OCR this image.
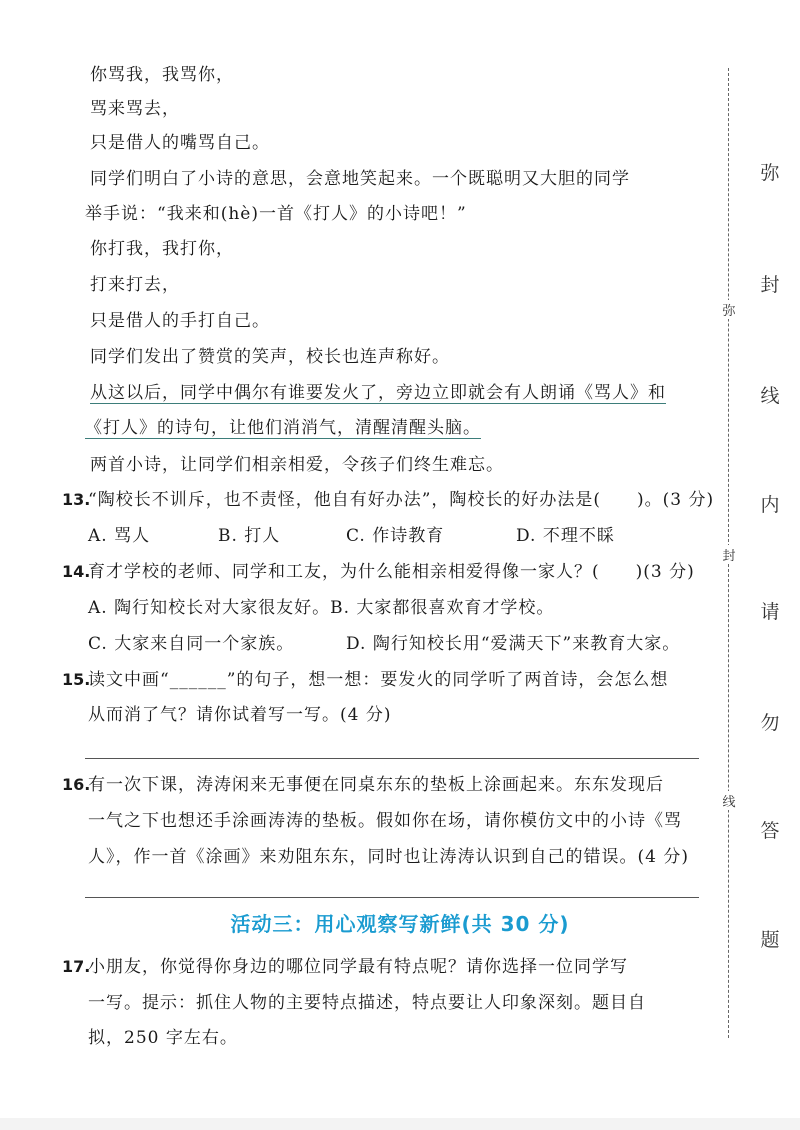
你骂我，我骂你，
骂来骂去，
只是借人的嘴骂自己。
同学们明白了小诗的意思，会意地笑起来。一个既聪明又大胆的同学
举手说：“我来和(hè)一首《打人》的小诗吧！”
你打我，我打你，
打来打去，
只是借人的手打自己。
同学们发出了赞赏的笑声，校长也连声称好。
从这以后，同学中偶尔有谁要发火了，旁边立即就会有人朗诵《骂人》和
《打人》的诗句，让他们消消气，清醒清醒头脑。
两首小诗，让同学们相亲相爱，令孩子们终生难忘。
13.
“陶校长不训斥，也不责怪，他自有好办法”，陶校长的好办法是(　　)。(3 分)
A. 骂人	B. 打人	C. 作诗教育	D. 不理不睬
14.
育才学校的老师、同学和工友，为什么能相亲相爱得像一家人？(　　)(3 分)
A. 陶行知校长对大家很友好。B. 大家都很喜欢育才学校。
C. 大家来自同一个家族。	D. 陶行知校长用“爱满天下”来教育大家。
15.
读文中画“______”的句子，想一想：要发火的同学听了两首诗，会怎么想
从而消了气？请你试着写一写。(4 分)
16.
有一次下课，涛涛闲来无事便在同桌东东的垫板上涂画起来。东东发现后
一气之下也想还手涂画涛涛的垫板。假如你在场，请你模仿文中的小诗《骂
人》，作一首《涂画》来劝阻东东，同时也让涛涛认识到自己的错误。(4 分)
活动三：用心观察写新鲜(共 30 分)
17.
小朋友，你觉得你身边的哪位同学最有特点呢？请你选择一位同学写
一写。提示：抓住人物的主要特点描述，特点要让人印象深刻。题目自
拟，250 字左右。
弥
封
线
弥
封
线
内
请
勿
答
题
